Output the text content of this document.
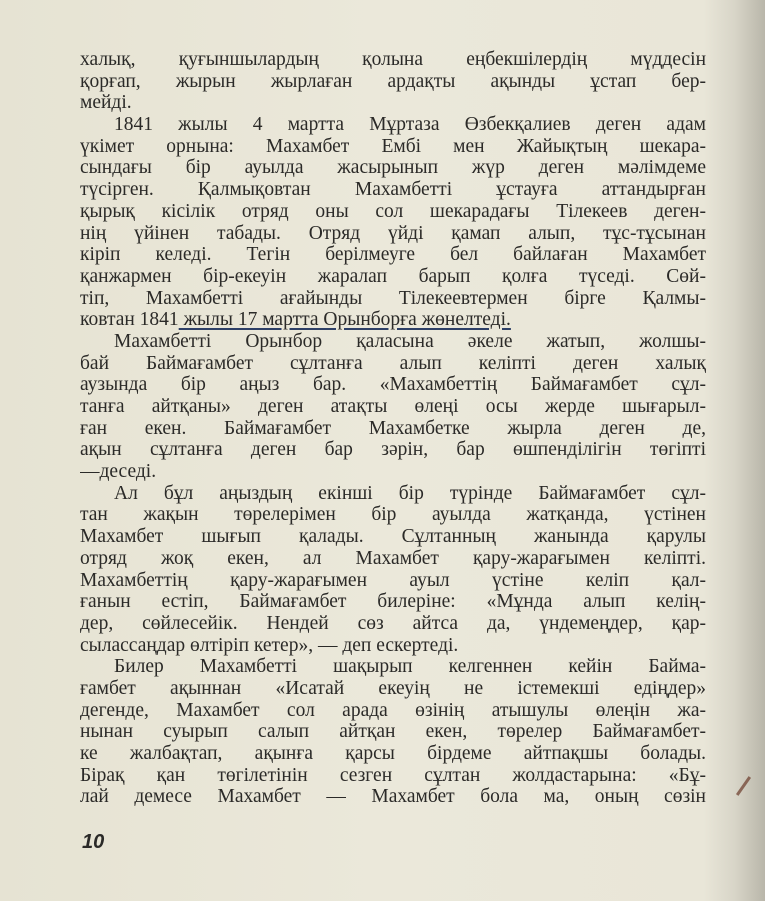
халық, қуғыншылардың қолына еңбекшілердің мүддесін
қорғап, жырын жырлаған ардақты ақынды ұстап бер-
мейді.
1841 жылы 4 мартта Мұртаза Өзбекқалиев деген адам
үкімет орнына: Махамбет Ембі мен Жайықтың шекара-
сындағы бір ауылда жасырынып жүр деген мәлімдеме
түсірген. Қалмықовтан Махамбетті ұстауға аттандырған
қырық кісілік отряд оны сол шекарадағы Тілекеев деген-
нің үйінен табады. Отряд үйді қамап алып, тұс-тұсынан
кіріп келеді. Тегін берілмеуге бел байлаған Махамбет
қанжармен бір-екеуін жаралап барып қолға түседі. Сөй-
тіп, Махамбетті ағайынды Тілекеевтермен бірге Қалмы-
ковтан 1841 жылы 17 мартта Орынборға жөнелтеді.
Махамбетті Орынбор қаласына әкеле жатып, жолшы-
бай Баймағамбет сұлтанға алып келіпті деген халық
аузында бір аңыз бар. «Махамбеттің Баймағамбет сұл-
танға айтқаны» деген атақты өлеңі осы жерде шығарыл-
ған екен. Баймағамбет Махамбетке жырла деген де,
ақын сұлтанға деген бар зәрін, бар өшпенділігін төгіпті
—деседі.
Ал бұл аңыздың екінші бір түрінде Баймағамбет сұл-
тан жақын төрелерімен бір ауылда жатқанда, үстінен
Махамбет шығып қалады. Сұлтанның жанында қарулы
отряд жоқ екен, ал Махамбет қару-жарағымен келіпті.
Махамбеттің қару-жарағымен ауыл үстіне келіп қал-
ғанын естіп, Баймағамбет билеріне: «Мұнда алып келің-
дер, сөйлесейік. Нендей сөз айтса да, үндемеңдер, қар-
сылассаңдар өлтіріп кетер», — деп ескертеді.
Билер Махамбетті шақырып келгеннен кейін Байма-
ғамбет ақыннан «Исатай екеуің не істемекші едіңдер»
дегенде, Махамбет сол арада өзінің атышулы өлеңін жа-
нынан суырып салып айтқан екен, төрелер Баймағамбет-
ке жалбақтап, ақынға қарсы бірдеме айтпақшы болады.
Бірақ қан төгілетінін сезген сұлтан жолдастарына: «Бұ-
лай демесе Махамбет — Махамбет бола ма, оның сөзін
10
